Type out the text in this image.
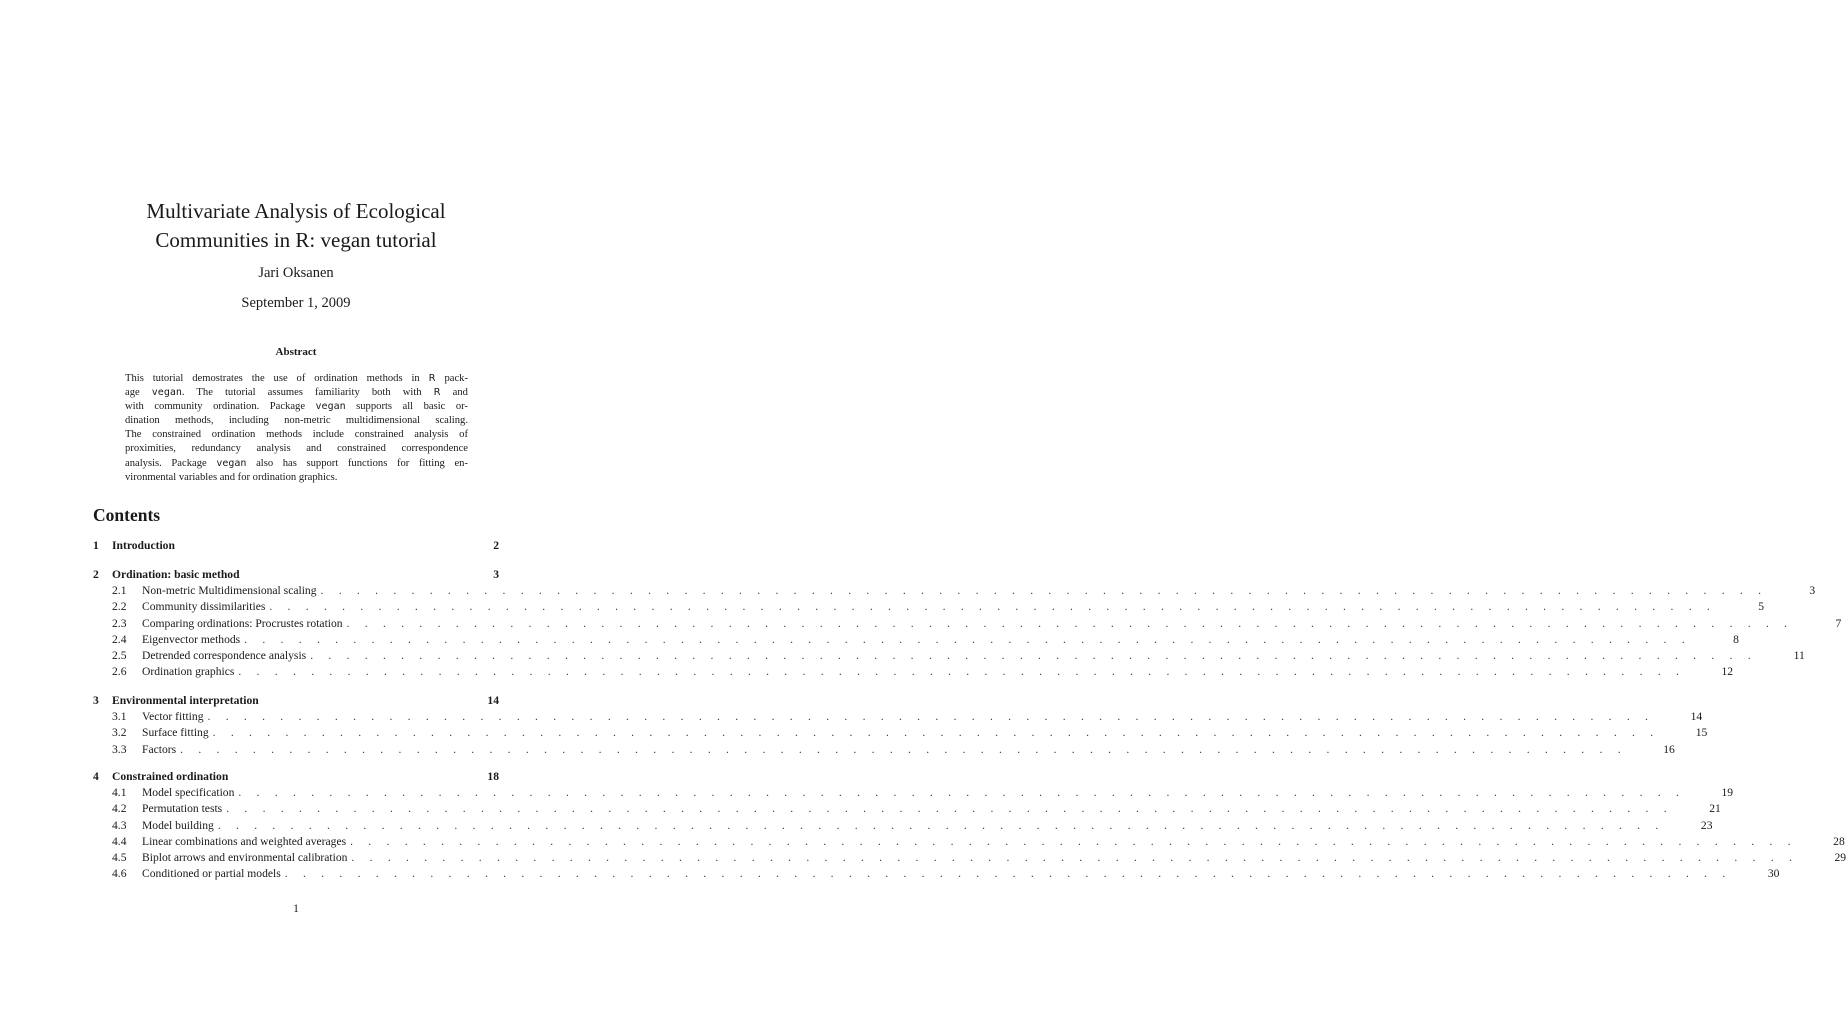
Multivariate Analysis of Ecological
Communities in R: vegan tutorial
Jari Oksanen
September 1, 2009
Abstract
This tutorial demostrates the use of ordination methods in R pack-
age vegan. The tutorial assumes familiarity both with R and
with community ordination. Package vegan supports all basic or-
dination methods, including non-metric multidimensional scaling.
The constrained ordination methods include constrained analysis of
proximities, redundancy analysis and constrained correspondence
analysis. Package vegan also has support functions for fitting en-
vironmental variables and for ordination graphics.
Contents
1	Introduction	2
2	Ordination: basic method	3
2.1	Non-metric Multidimensional scaling . . . . . . . . . . . . . . . . . . . . . . . . . . . . . . . . . . . . . . . . . . . . . . . . . . . . . . . . . . . . . . . . . . . . . . . . . . . . . . . .	3
2.2	Community dissimilarities . . . . . . . . . . . . . . . . . . . . . . . . . . . . . . . . . . . . . . . . . . . . . . . . . . . . . . . . . . . . . . . . . . . . . . . . . . . . . . . .	5
2.3	Comparing ordinations: Procrustes rotation . . . . . . . . . . . . . . . . . . . . . . . . . . . . . . . . . . . . . . . . . . . . . . . . . . . . . . . . . . . . . . . . . . . . . . . . . . . . . . . .	7
2.4	Eigenvector methods . . . . . . . . . . . . . . . . . . . . . . . . . . . . . . . . . . . . . . . . . . . . . . . . . . . . . . . . . . . . . . . . . . . . . . . . . . . . . . . .	8
2.5	Detrended correspondence analysis . . . . . . . . . . . . . . . . . . . . . . . . . . . . . . . . . . . . . . . . . . . . . . . . . . . . . . . . . . . . . . . . . . . . . . . . . . . . . . . .	11
2.6	Ordination graphics . . . . . . . . . . . . . . . . . . . . . . . . . . . . . . . . . . . . . . . . . . . . . . . . . . . . . . . . . . . . . . . . . . . . . . . . . . . . . . . .	12
3	Environmental interpretation	14
3.1	Vector fitting . . . . . . . . . . . . . . . . . . . . . . . . . . . . . . . . . . . . . . . . . . . . . . . . . . . . . . . . . . . . . . . . . . . . . . . . . . . . . . . .	14
3.2	Surface fitting . . . . . . . . . . . . . . . . . . . . . . . . . . . . . . . . . . . . . . . . . . . . . . . . . . . . . . . . . . . . . . . . . . . . . . . . . . . . . . . .	15
3.3	Factors . . . . . . . . . . . . . . . . . . . . . . . . . . . . . . . . . . . . . . . . . . . . . . . . . . . . . . . . . . . . . . . . . . . . . . . . . . . . . . . .	16
4	Constrained ordination	18
4.1	Model specification . . . . . . . . . . . . . . . . . . . . . . . . . . . . . . . . . . . . . . . . . . . . . . . . . . . . . . . . . . . . . . . . . . . . . . . . . . . . . . . .	19
4.2	Permutation tests . . . . . . . . . . . . . . . . . . . . . . . . . . . . . . . . . . . . . . . . . . . . . . . . . . . . . . . . . . . . . . . . . . . . . . . . . . . . . . . .	21
4.3	Model building . . . . . . . . . . . . . . . . . . . . . . . . . . . . . . . . . . . . . . . . . . . . . . . . . . . . . . . . . . . . . . . . . . . . . . . . . . . . . . . .	23
4.4	Linear combinations and weighted averages . . . . . . . . . . . . . . . . . . . . . . . . . . . . . . . . . . . . . . . . . . . . . . . . . . . . . . . . . . . . . . . . . . . . . . . . . . . . . . . .	28
4.5	Biplot arrows and environmental calibration . . . . . . . . . . . . . . . . . . . . . . . . . . . . . . . . . . . . . . . . . . . . . . . . . . . . . . . . . . . . . . . . . . . . . . . . . . . . . . . .	29
4.6	Conditioned or partial models . . . . . . . . . . . . . . . . . . . . . . . . . . . . . . . . . . . . . . . . . . . . . . . . . . . . . . . . . . . . . . . . . . . . . . . . . . . . . . . .	30
1
